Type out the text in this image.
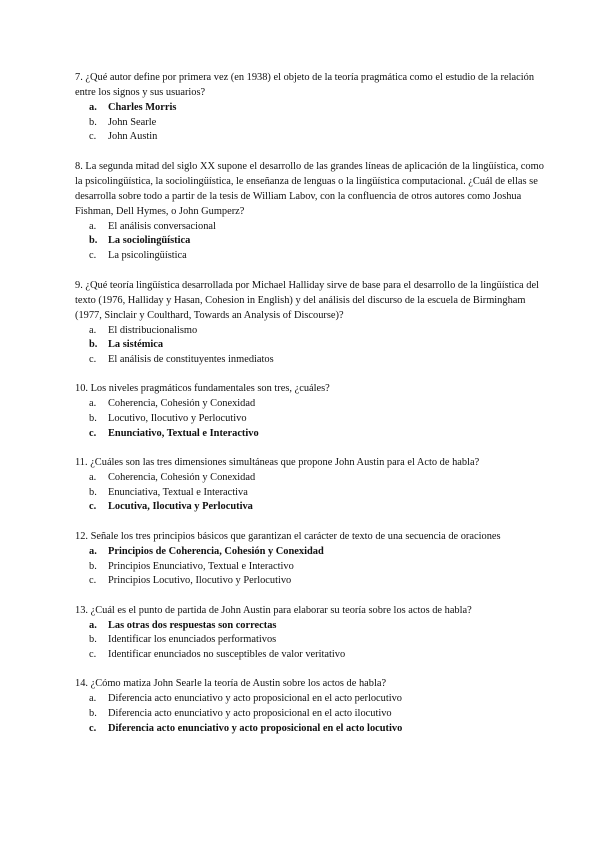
7. ¿Qué autor define por primera vez (en 1938) el objeto de la teoría pragmática como el estudio de la relación entre los signos y sus usuarios?

a.	Charles Morris
b.	John Searle
c.	John Austin

8. La segunda mitad del siglo XX supone el desarrollo de las grandes líneas de aplicación de la lingüística, como la psicolingüística, la sociolingüística, le enseñanza de lenguas o la lingüística computacional. ¿Cuál de ellas se desarrolla sobre todo a partir de la tesis de William Labov, con la confluencia de otros autores como Joshua Fishman, Dell Hymes, o John Gumperz?

a.	El análisis conversacional
b.	La sociolingüística
c.	La psicolingüística

9. ¿Qué teoría lingüística desarrollada por Michael Halliday sirve de base para el desarrollo de la lingüística del texto (1976, Halliday y Hasan, Cohesion in English) y del análisis del discurso de la escuela de Birmingham (1977, Sinclair y Coulthard, Towards an Analysis of Discourse)?

a.	El distribucionalismo
b.	La sistémica
c.	El análisis de constituyentes inmediatos

10. Los niveles pragmáticos fundamentales son tres, ¿cuáles?

a.	Coherencia, Cohesión y Conexidad
b.	Locutivo, Ilocutivo y Perlocutivo
c.	Enunciativo, Textual e Interactivo

11. ¿Cuáles son las tres dimensiones simultáneas que propone John Austin para el Acto de habla?

a.	Coherencia, Cohesión y Conexidad
b.	Enunciativa, Textual e Interactiva
c.	Locutiva, Ilocutiva y Perlocutiva

12. Señale los tres principios básicos que garantizan el carácter de texto de una secuencia de oraciones

a.	Principios de Coherencia, Cohesión y Conexidad
b.	Principios Enunciativo, Textual e Interactivo
c.	Principios Locutivo, Ilocutivo y Perlocutivo

13. ¿Cuál es el punto de partida de John Austin para elaborar su teoría sobre los actos de habla?

a.	Las otras dos respuestas son correctas
b.	Identificar los enunciados performativos
c.	Identificar enunciados no susceptibles de valor veritativo

14. ¿Cómo matiza John Searle la teoría de Austin sobre los actos de habla?

a.	Diferencia acto enunciativo y acto proposicional en el acto perlocutivo
b.	Diferencia acto enunciativo y acto proposicional en el acto ilocutivo
c.	Diferencia acto enunciativo y acto proposicional en el acto locutivo
